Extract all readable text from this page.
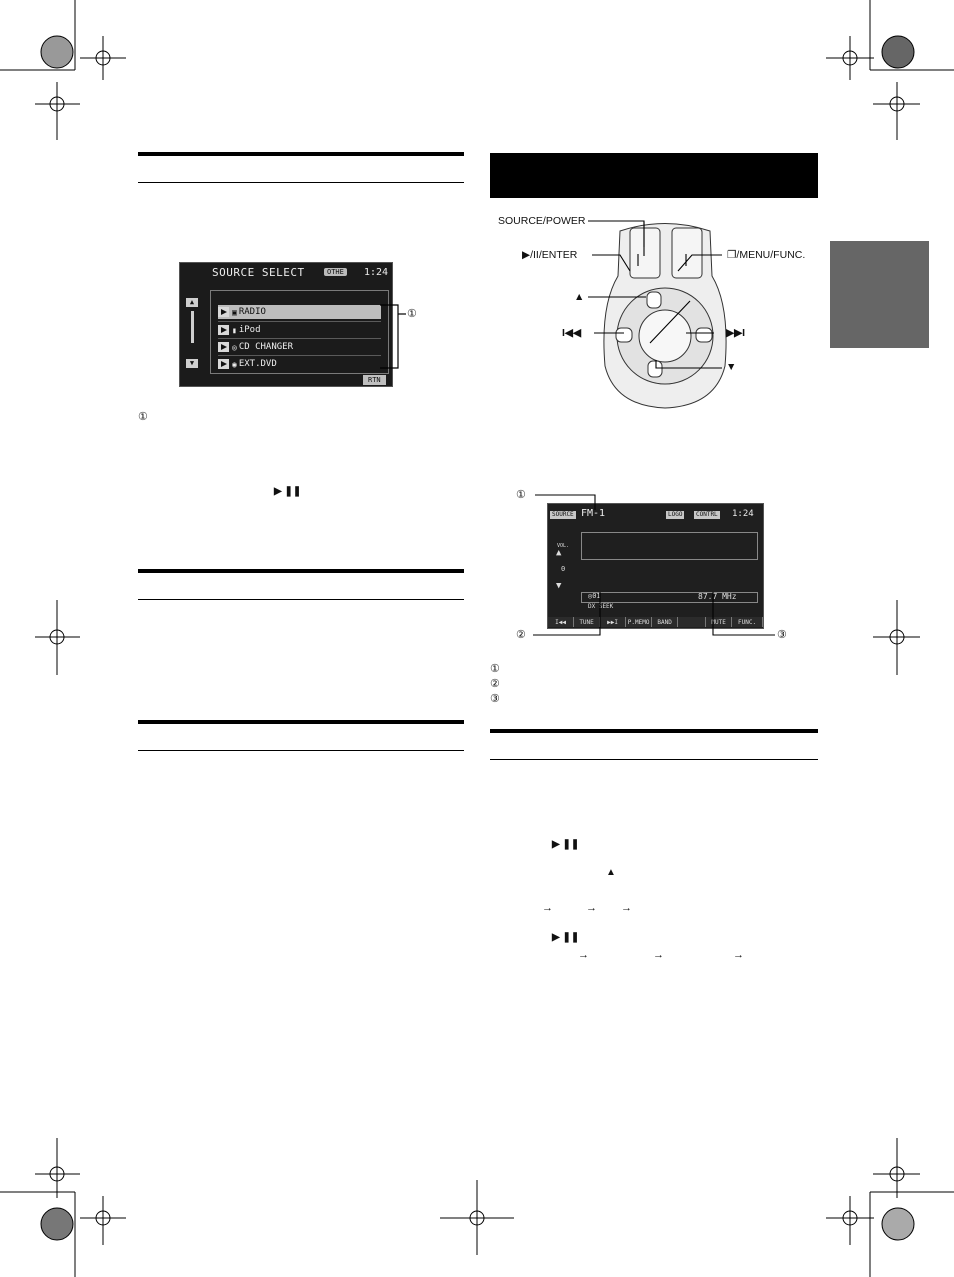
SOURCE SELECT	OTHE	1:24
▲
▼
▣ RADIO
▮ iPod
◎ CD CHANGER
◉ EXT.DVD
RTN
①
①
▶ ❚❚
SOURCE/POWER
▶/II/ENTER	❐/MENU/FUNC.
▲
I◀◀	▶▶I
▼
SOURCE FM-1	LOGO	CONTRL 1:24
VOL.
▲
0
▼
◎01	87.7 MHz
DX SEEK
I◀◀	TUNE	▶▶I	P.MEMO	BAND	MUTE	FUNC.
①
②	③
①
②
③
▶ ❚❚
▲
→	→ →
▶ ❚❚
→	→	→
